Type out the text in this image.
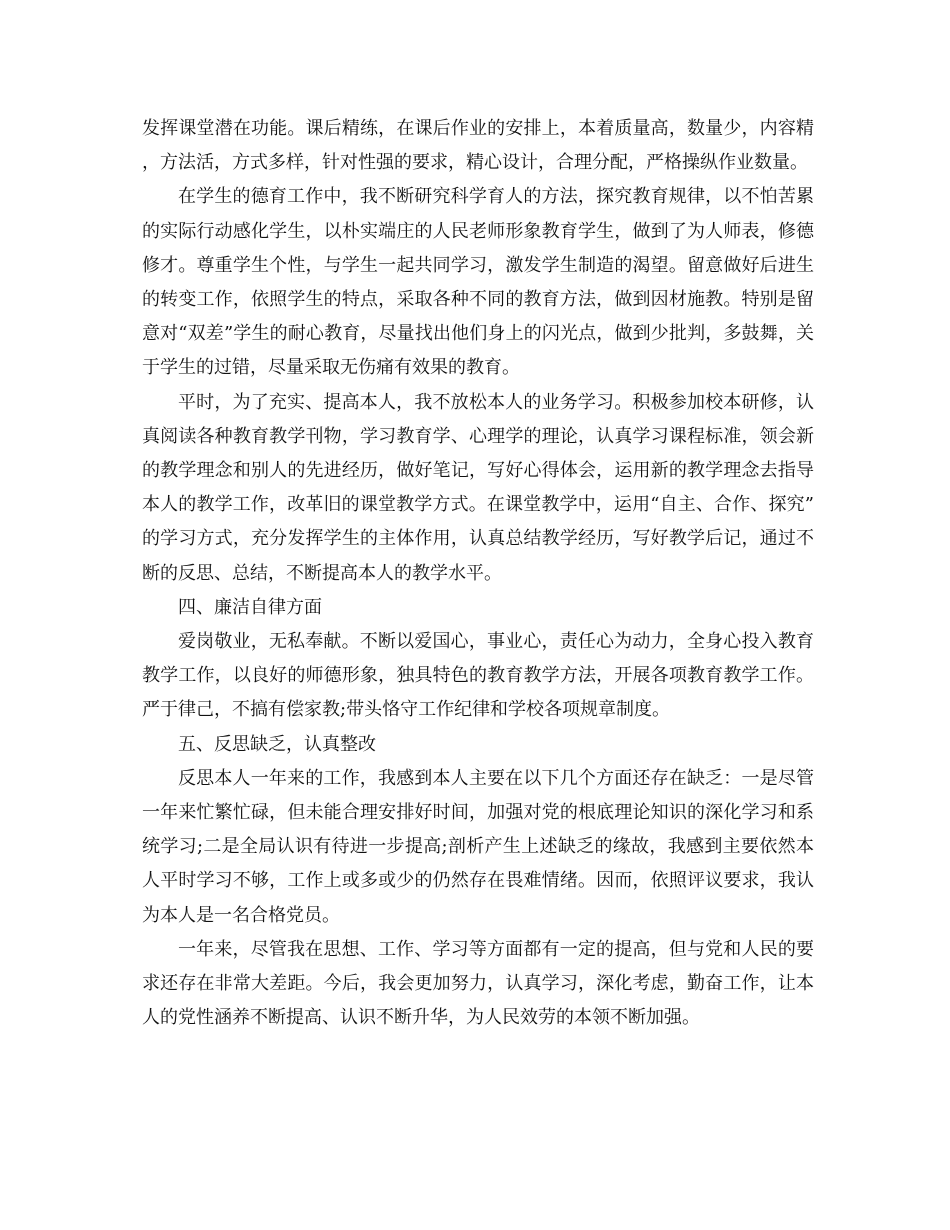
发挥课堂潜在功能。课后精练，在课后作业的安排上，本着质量高，数量少，内容精，方法活，方式多样，针对性强的要求，精心设计，合理分配，严格操纵作业数量。

在学生的德育工作中，我不断研究科学育人的方法，探究教育规律，以不怕苦累的实际行动感化学生，以朴实端庄的人民老师形象教育学生，做到了为人师表，修德修才。尊重学生个性，与学生一起共同学习，激发学生制造的渴望。留意做好后进生的转变工作，依照学生的特点，采取各种不同的教育方法，做到因材施教。特别是留意对“双差”学生的耐心教育，尽量找出他们身上的闪光点，做到少批判，多鼓舞，关于学生的过错，尽量采取无伤痛有效果的教育。

平时，为了充实、提高本人，我不放松本人的业务学习。积极参加校本研修，认真阅读各种教育教学刊物，学习教育学、心理学的理论，认真学习课程标准，领会新的教学理念和别人的先进经历，做好笔记，写好心得体会，运用新的教学理念去指导本人的教学工作，改革旧的课堂教学方式。在课堂教学中，运用“自主、合作、探究”的学习方式，充分发挥学生的主体作用，认真总结教学经历，写好教学后记，通过不断的反思、总结，不断提高本人的教学水平。

四、廉洁自律方面

爱岗敬业，无私奉献。不断以爱国心，事业心，责任心为动力，全身心投入教育教学工作，以良好的师德形象，独具特色的教育教学方法，开展各项教育教学工作。严于律己，不搞有偿家教;带头恪守工作纪律和学校各项规章制度。

五、反思缺乏，认真整改

反思本人一年来的工作，我感到本人主要在以下几个方面还存在缺乏：一是尽管一年来忙繁忙碌，但未能合理安排好时间，加强对党的根底理论知识的深化学习和系统学习;二是全局认识有待进一步提高;剖析产生上述缺乏的缘故，我感到主要依然本人平时学习不够，工作上或多或少的仍然存在畏难情绪。因而，依照评议要求，我认为本人是一名合格党员。

一年来，尽管我在思想、工作、学习等方面都有一定的提高，但与党和人民的要求还存在非常大差距。今后，我会更加努力，认真学习，深化考虑，勤奋工作，让本人的党性涵养不断提高、认识不断升华，为人民效劳的本领不断加强。
